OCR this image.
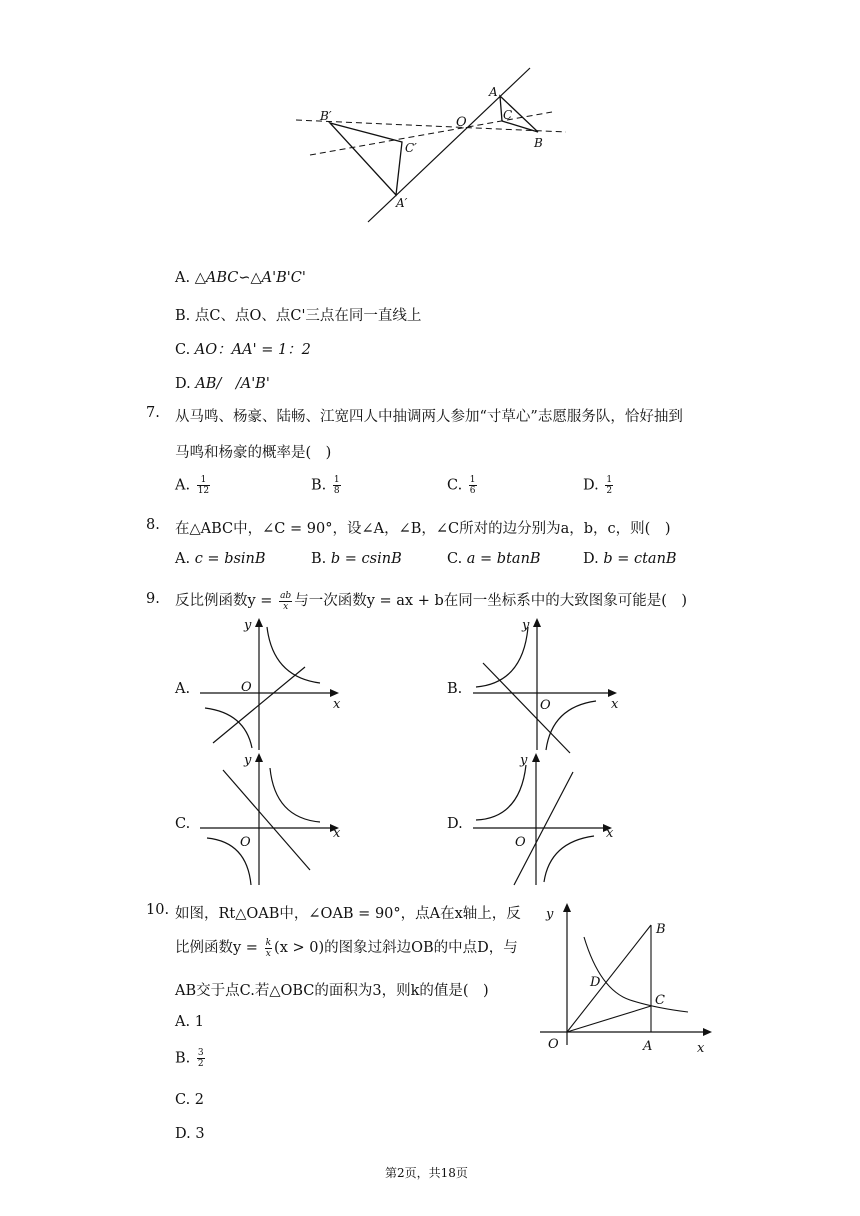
B′
C′
A′
O
A
C
B
A. △ABC∽△A'B'C'
B. 点C、点O、点C'三点在同一直线上
C. AO：AA' = 1：2
D. AB/　/A'B'
7. 从马鸣、杨豪、陆畅、江宽四人中抽调两人参加“寸草心”志愿服务队，恰好抽到
马鸣和杨豪的概率是(　)
A. $\frac{1}{12}$	B. $\frac{1}{8}$	C. $\frac{1}{6}$	D. $\frac{1}{2}$
8. 在△ABC中，∠C = 90°，设∠A，∠B，∠C所对的边分别为a，b，c，则(　)
A. c = bsinB	B. b = csinB	C. a = btanB	D. b = ctanB
9. 反比例函数$y = \frac{ab}{x}$ 与一次函数y = ax + b在同一坐标系中的大致图象可能是(　)
A.	B.
C.	D.
y
x
O
y
x
O
y
x
O
y
x
O
10. 如图，Rt△OAB中，∠OAB = 90°，点A在x轴上，反
比例函数$y = \frac{k}{x} (x > 0)$的图象过斜边OB的中点D，与
AB交于点C.若△OBC的面积为3，则k的值是(　)
A. 1
B. $\frac{3}{2}$
C. 2
D. 3
y
B
D
C
O	A	x
第2页，共18页
